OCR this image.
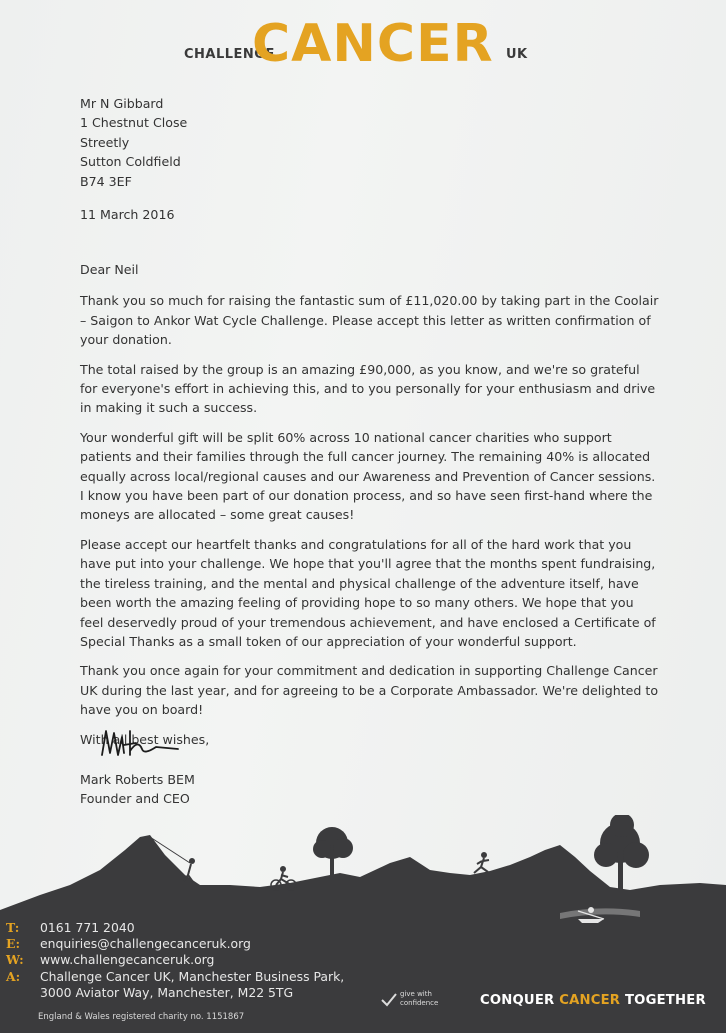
CHALLENGE
CANCER UK
Mr N Gibbard
1 Chestnut Close
Streetly
Sutton Coldfield
B74 3EF
11 March 2016

Dear Neil

Thank you so much for raising the fantastic sum of £11,020.00 by taking part in the Coolair – Saigon to Ankor Wat Cycle Challenge. Please accept this letter as written confirmation of your donation.

The total raised by the group is an amazing £90,000, as you know, and we're so grateful for everyone's effort in achieving this, and to you personally for your enthusiasm and drive in making it such a success.

Your wonderful gift will be split 60% across 10 national cancer charities who support patients and their families through the full cancer journey. The remaining 40% is allocated equally across local/regional causes and our Awareness and Prevention of Cancer sessions. I know you have been part of our donation process, and so have seen first-hand where the moneys are allocated – some great causes!

Please accept our heartfelt thanks and congratulations for all of the hard work that you have put into your challenge. We hope that you'll agree that the months spent fundraising, the tireless training, and the mental and physical challenge of the adventure itself, have been worth the amazing feeling of providing hope to so many others. We hope that you feel deservedly proud of your tremendous achievement, and have enclosed a Certificate of Special Thanks as a small token of our appreciation of your wonderful support.

Thank you once again for your commitment and dedication in supporting Challenge Cancer UK during the last year, and for agreeing to be a Corporate Ambassador. We're delighted to have you on board!

With all best wishes,

Mark Roberts BEM
Founder and CEO
T:	0161 771 2040
E:	enquiries@challengecanceruk.org
W:	www.challengecanceruk.org
A:	Challenge Cancer UK, Manchester Business Park,
3000 Aviator Way, Manchester, M22 5TG
England & Wales registered charity no. 1151867
give with
confidence	CONQUER CANCER TOGETHER
